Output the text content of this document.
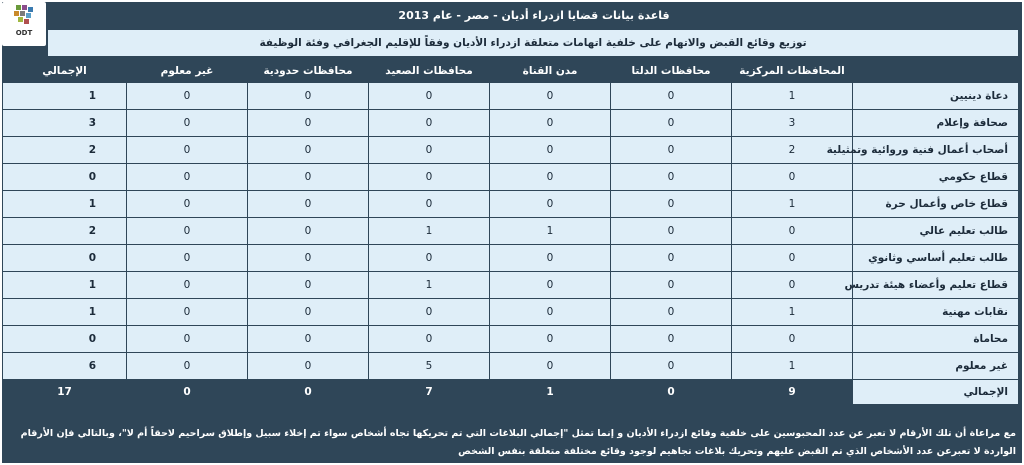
ODT
قاعدة بيانات قضايا ازدراء أديان - مصر - عام 2013
توزيع وقائع القبض والاتهام على خلفية اتهامات متعلقة ازدراء الأديان وفقاً للإقليم الجغرافي وفئة الوظيفة
	المحافظات المركزية	محافظات الدلتا	مدن القناة	محافظات الصعيد	محافظات حدودية	غير معلوم	الإجمالي
دعاة دينيين	1	0	0	0	0	0	1
صحافة وإعلام	3	0	0	0	0	0	3
أصحاب أعمال فنية وروائية وتمثيلية	2	0	0	0	0	0	2
قطاع حكومي	0	0	0	0	0	0	0
قطاع خاص وأعمال حرة	1	0	0	0	0	0	1
طالب تعليم عالي	0	0	1	1	0	0	2
طالب تعليم أساسي وثانوي	0	0	0	0	0	0	0
قطاع تعليم وأعضاء هيئة تدريس	0	0	0	1	0	0	1
نقابات مهنية	1	0	0	0	0	0	1
محاماة	0	0	0	0	0	0	0
غير معلوم	1	0	0	5	0	0	6
الإجمالي	9	0	1	7	0	0	17
مع مراعاة أن تلك الأرقام لا تعبر عن عدد المحبوسين على خلفية وقائع ازدراء الأديان و إنما تمثل "إجمالي البلاغات التي تم تحريكها تجاه أشخاص سواء تم إخلاء سبيل وإطلاق سراحيم لاحقاً أم لا"، وبالتالي فإن الأرقام الواردة لا تعبرعن عدد الأشخاص الذي تم القبض عليهم وتحريك بلاغات تجاهيم لوجود وقائع مختلفة متعلقة بنفس الشخص
